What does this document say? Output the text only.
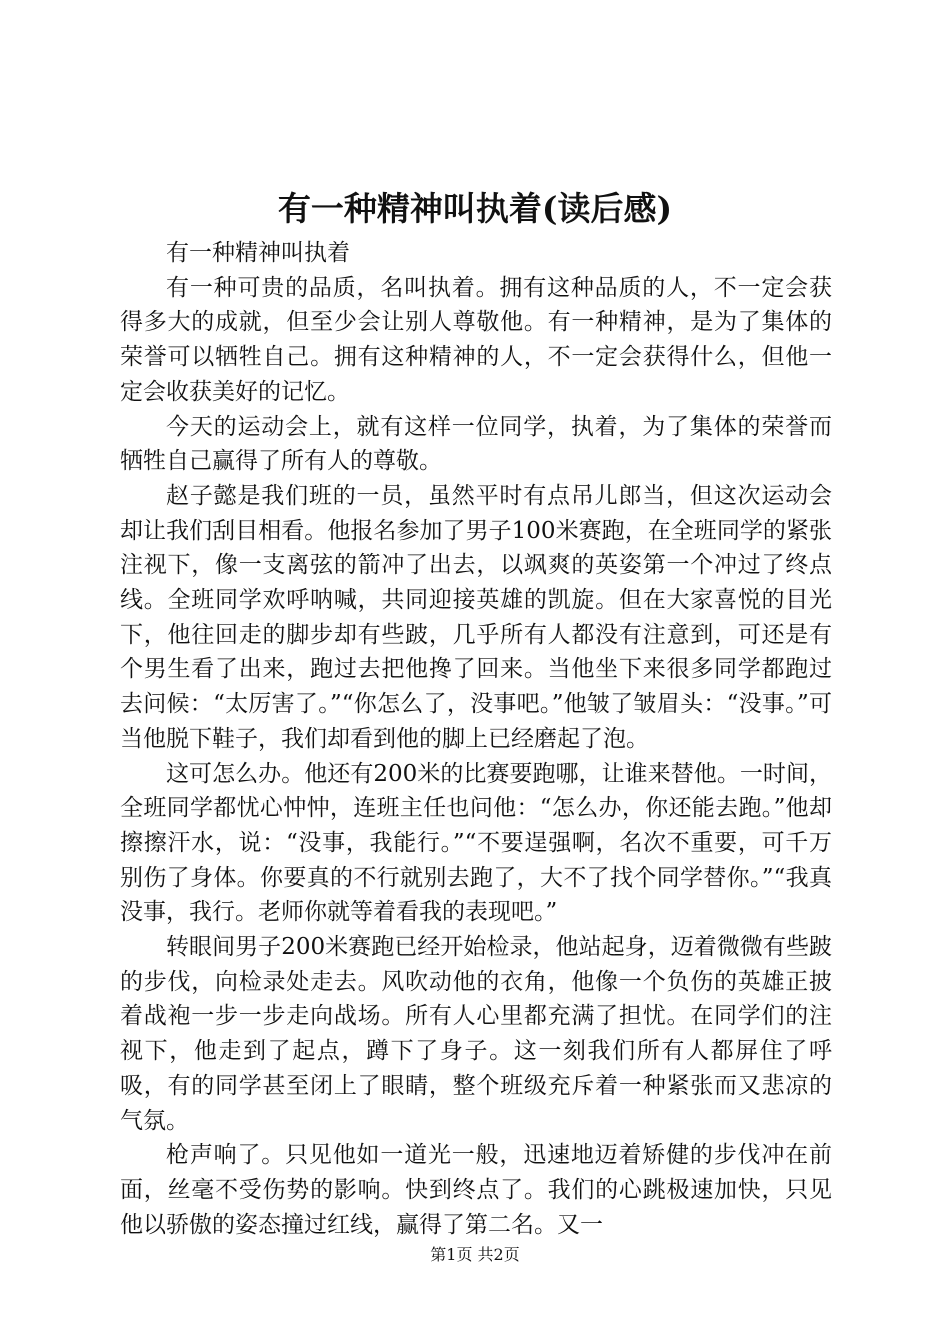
有一种精神叫执着(读后感)

有一种精神叫执着

有一种可贵的品质，名叫执着。拥有这种品质的人，不一定会获得多大的成就，但至少会让别人尊敬他。有一种精神，是为了集体的荣誉可以牺牲自己。拥有这种精神的人，不一定会获得什么，但他一定会收获美好的记忆。

今天的运动会上，就有这样一位同学，执着，为了集体的荣誉而牺牲自己赢得了所有人的尊敬。

赵子懿是我们班的一员，虽然平时有点吊儿郎当，但这次运动会却让我们刮目相看。他报名参加了男子100米赛跑，在全班同学的紧张注视下，像一支离弦的箭冲了出去，以飒爽的英姿第一个冲过了终点线。全班同学欢呼呐喊，共同迎接英雄的凯旋。但在大家喜悦的目光下，他往回走的脚步却有些跛，几乎所有人都没有注意到，可还是有个男生看了出来，跑过去把他搀了回来。当他坐下来很多同学都跑过去问候：“太厉害了。”“你怎么了，没事吧。”他皱了皱眉头：“没事。”可当他脱下鞋子，我们却看到他的脚上已经磨起了泡。

这可怎么办。他还有200米的比赛要跑哪，让谁来替他。一时间，全班同学都忧心忡忡，连班主任也问他：“怎么办，你还能去跑。”他却擦擦汗水，说：“没事，我能行。”“不要逞强啊，名次不重要，可千万别伤了身体。你要真的不行就别去跑了，大不了找个同学替你。”“我真没事，我行。老师你就等着看我的表现吧。”

转眼间男子200米赛跑已经开始检录，他站起身，迈着微微有些跛的步伐，向检录处走去。风吹动他的衣角，他像一个负伤的英雄正披着战袍一步一步走向战场。所有人心里都充满了担忧。在同学们的注视下，他走到了起点，蹲下了身子。这一刻我们所有人都屏住了呼吸，有的同学甚至闭上了眼睛，整个班级充斥着一种紧张而又悲凉的气氛。

枪声响了。只见他如一道光一般，迅速地迈着矫健的步伐冲在前面，丝毫不受伤势的影响。快到终点了。我们的心跳极速加快，只见他以骄傲的姿态撞过红线，赢得了第二名。又一

第1页 共2页
